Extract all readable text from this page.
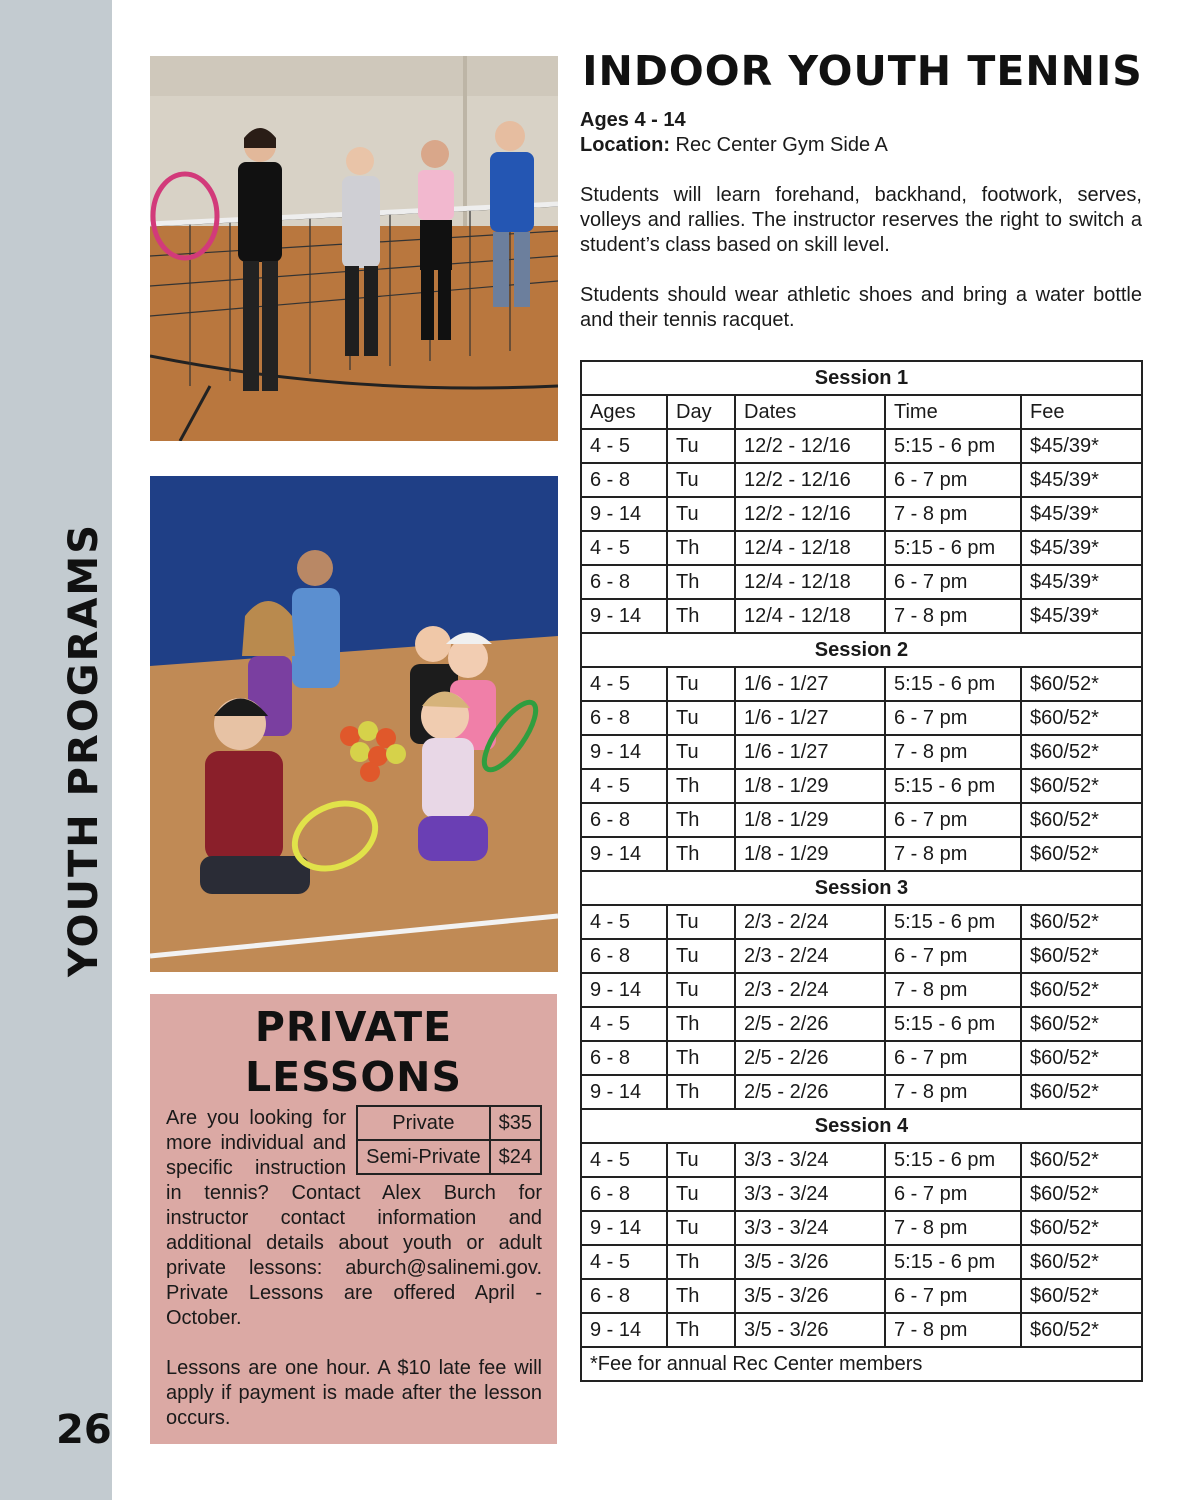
YOUTH PROGRAMS
26
PRIVATE
LESSONS
Private	$35
Semi-Private	$24

Are you looking for more individual and specific instruction in tennis? Contact Alex Burch for instructor contact information and additional details about youth or adult private lessons: aburch@salinemi.gov. Private Lessons are offered April - October.

Lessons are one hour. A $10 late fee will apply if payment is made after the lesson occurs.

INDOOR YOUTH TENNIS
Ages 4 - 14
Location: Rec Center Gym Side A

Students will learn forehand, backhand, footwork, serves, volleys and rallies. The instructor reserves the right to switch a student’s class based on skill level.

Students should wear athletic shoes and bring a water bottle and their tennis racquet.

Session 1				
Ages	Day	Dates	Time	Fee
4 - 5	Tu	12/2 - 12/16	5:15 - 6 pm	$45/39*
6 - 8	Tu	12/2 - 12/16	6 - 7 pm	$45/39*
9 - 14	Tu	12/2 - 12/16	7 - 8 pm	$45/39*
4 - 5	Th	12/4 - 12/18	5:15 - 6 pm	$45/39*
6 - 8	Th	12/4 - 12/18	6 - 7 pm	$45/39*
9 - 14	Th	12/4 - 12/18	7 - 8 pm	$45/39*
Session 2				
4 - 5	Tu	1/6 - 1/27	5:15 - 6 pm	$60/52*
6 - 8	Tu	1/6 - 1/27	6 - 7 pm	$60/52*
9 - 14	Tu	1/6 - 1/27	7 - 8 pm	$60/52*
4 - 5	Th	1/8 - 1/29	5:15 - 6 pm	$60/52*
6 - 8	Th	1/8 - 1/29	6 - 7 pm	$60/52*
9 - 14	Th	1/8 - 1/29	7 - 8 pm	$60/52*
Session 3				
4 - 5	Tu	2/3 - 2/24	5:15 - 6 pm	$60/52*
6 - 8	Tu	2/3 - 2/24	6 - 7 pm	$60/52*
9 - 14	Tu	2/3 - 2/24	7 - 8 pm	$60/52*
4 - 5	Th	2/5 - 2/26	5:15 - 6 pm	$60/52*
6 - 8	Th	2/5 - 2/26	6 - 7 pm	$60/52*
9 - 14	Th	2/5 - 2/26	7 - 8 pm	$60/52*
Session 4				
4 - 5	Tu	3/3 - 3/24	5:15 - 6 pm	$60/52*
6 - 8	Tu	3/3 - 3/24	6 - 7 pm	$60/52*
9 - 14	Tu	3/3 - 3/24	7 - 8 pm	$60/52*
4 - 5	Th	3/5 - 3/26	5:15 - 6 pm	$60/52*
6 - 8	Th	3/5 - 3/26	6 - 7 pm	$60/52*
9 - 14	Th	3/5 - 3/26	7 - 8 pm	$60/52*
*Fee for annual Rec Center members				
